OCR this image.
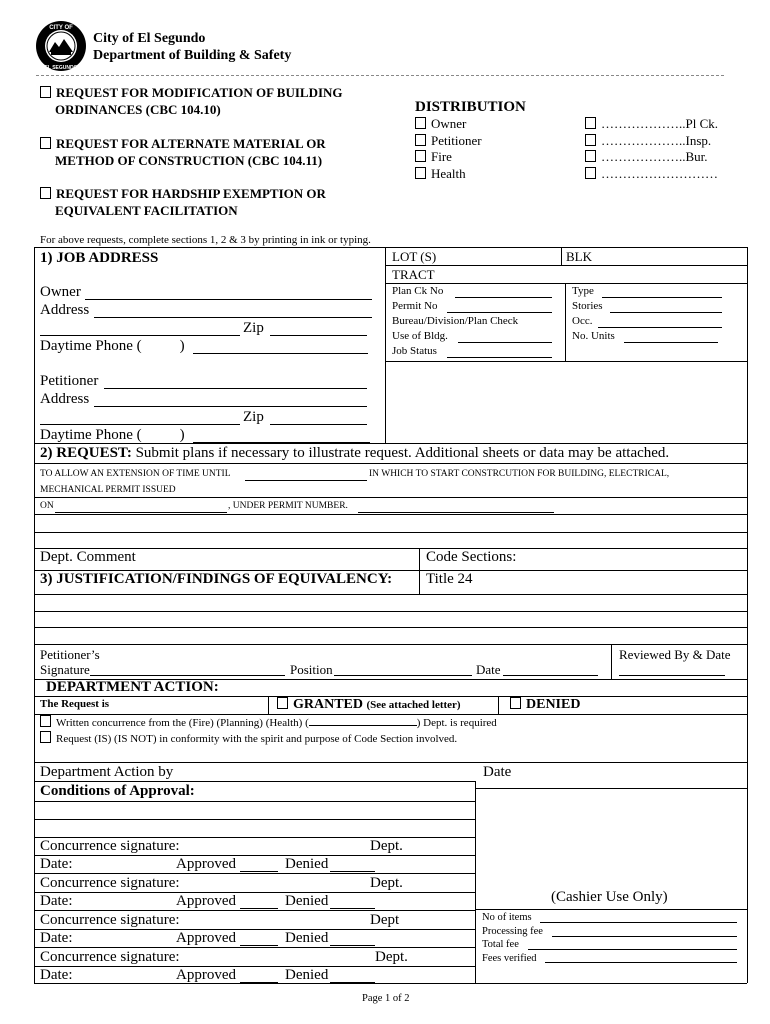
CITY OF
EL SEGUNDO
City of El Segundo
Department of Building & Safety
REQUEST FOR MODIFICATION OF BUILDING
ORDINANCES (CBC 104.10)
REQUEST FOR ALTERNATE MATERIAL OR
METHOD OF CONSTRUCTION (CBC 104.11)
REQUEST FOR HARDSHIP EXEMPTION OR
EQUIVALENT FACILITATION
DISTRIBUTION
Owner
Petitioner
Fire
Health
………………..Pl Ck.
………………..Insp.
………………..Bur.
………………………
For above requests, complete sections 1, 2 & 3 by printing in ink or typing.
1) JOB ADDRESS	LOT (S)	BLK
TRACT
Owner
Address
Zip
Daytime Phone (	)
Plan Ck No
Permit No
Bureau/Division/Plan Check
Use of Bldg.
Job Status
Type
Stories
Occ.
No. Units
Petitioner
Address
Zip
Daytime Phone (	)
2) REQUEST: Submit plans if necessary to illustrate request. Additional sheets or data may be attached.
TO ALLOW AN EXTENSION OF TIME UNTIL	IN WHICH TO START CONSTRCUTION FOR BUILDING, ELECTRICAL,
MECHANICAL PERMIT ISSUED
ON	, UNDER PERMIT NUMBER.
Dept. Comment	Code Sections:
3) JUSTIFICATION/FINDINGS OF EQUIVALENCY: Title 24
Petitioner’s
Signature	Position	Date
Reviewed By & Date
DEPARTMENT ACTION:
The Request is	GRANTED (See attached letter)	DENIED
Written concurrence from the (Fire) (Planning) (Health) (	) Dept. is required
Request (IS) (IS NOT) in conformity with the spirit and purpose of Code Section involved.
Department Action by	Date
Conditions of Approval:
Concurrence signature:	Dept.
Date:	Approved	Denied
Concurrence signature:	Dept.
Date:	Approved	Denied
Concurrence signature:	Dept
Date:	Approved	Denied
Concurrence signature:	Dept.
Date:	Approved	Denied
(Cashier Use Only)
No of items
Processing fee
Total fee
Fees verified
Page 1 of 2
